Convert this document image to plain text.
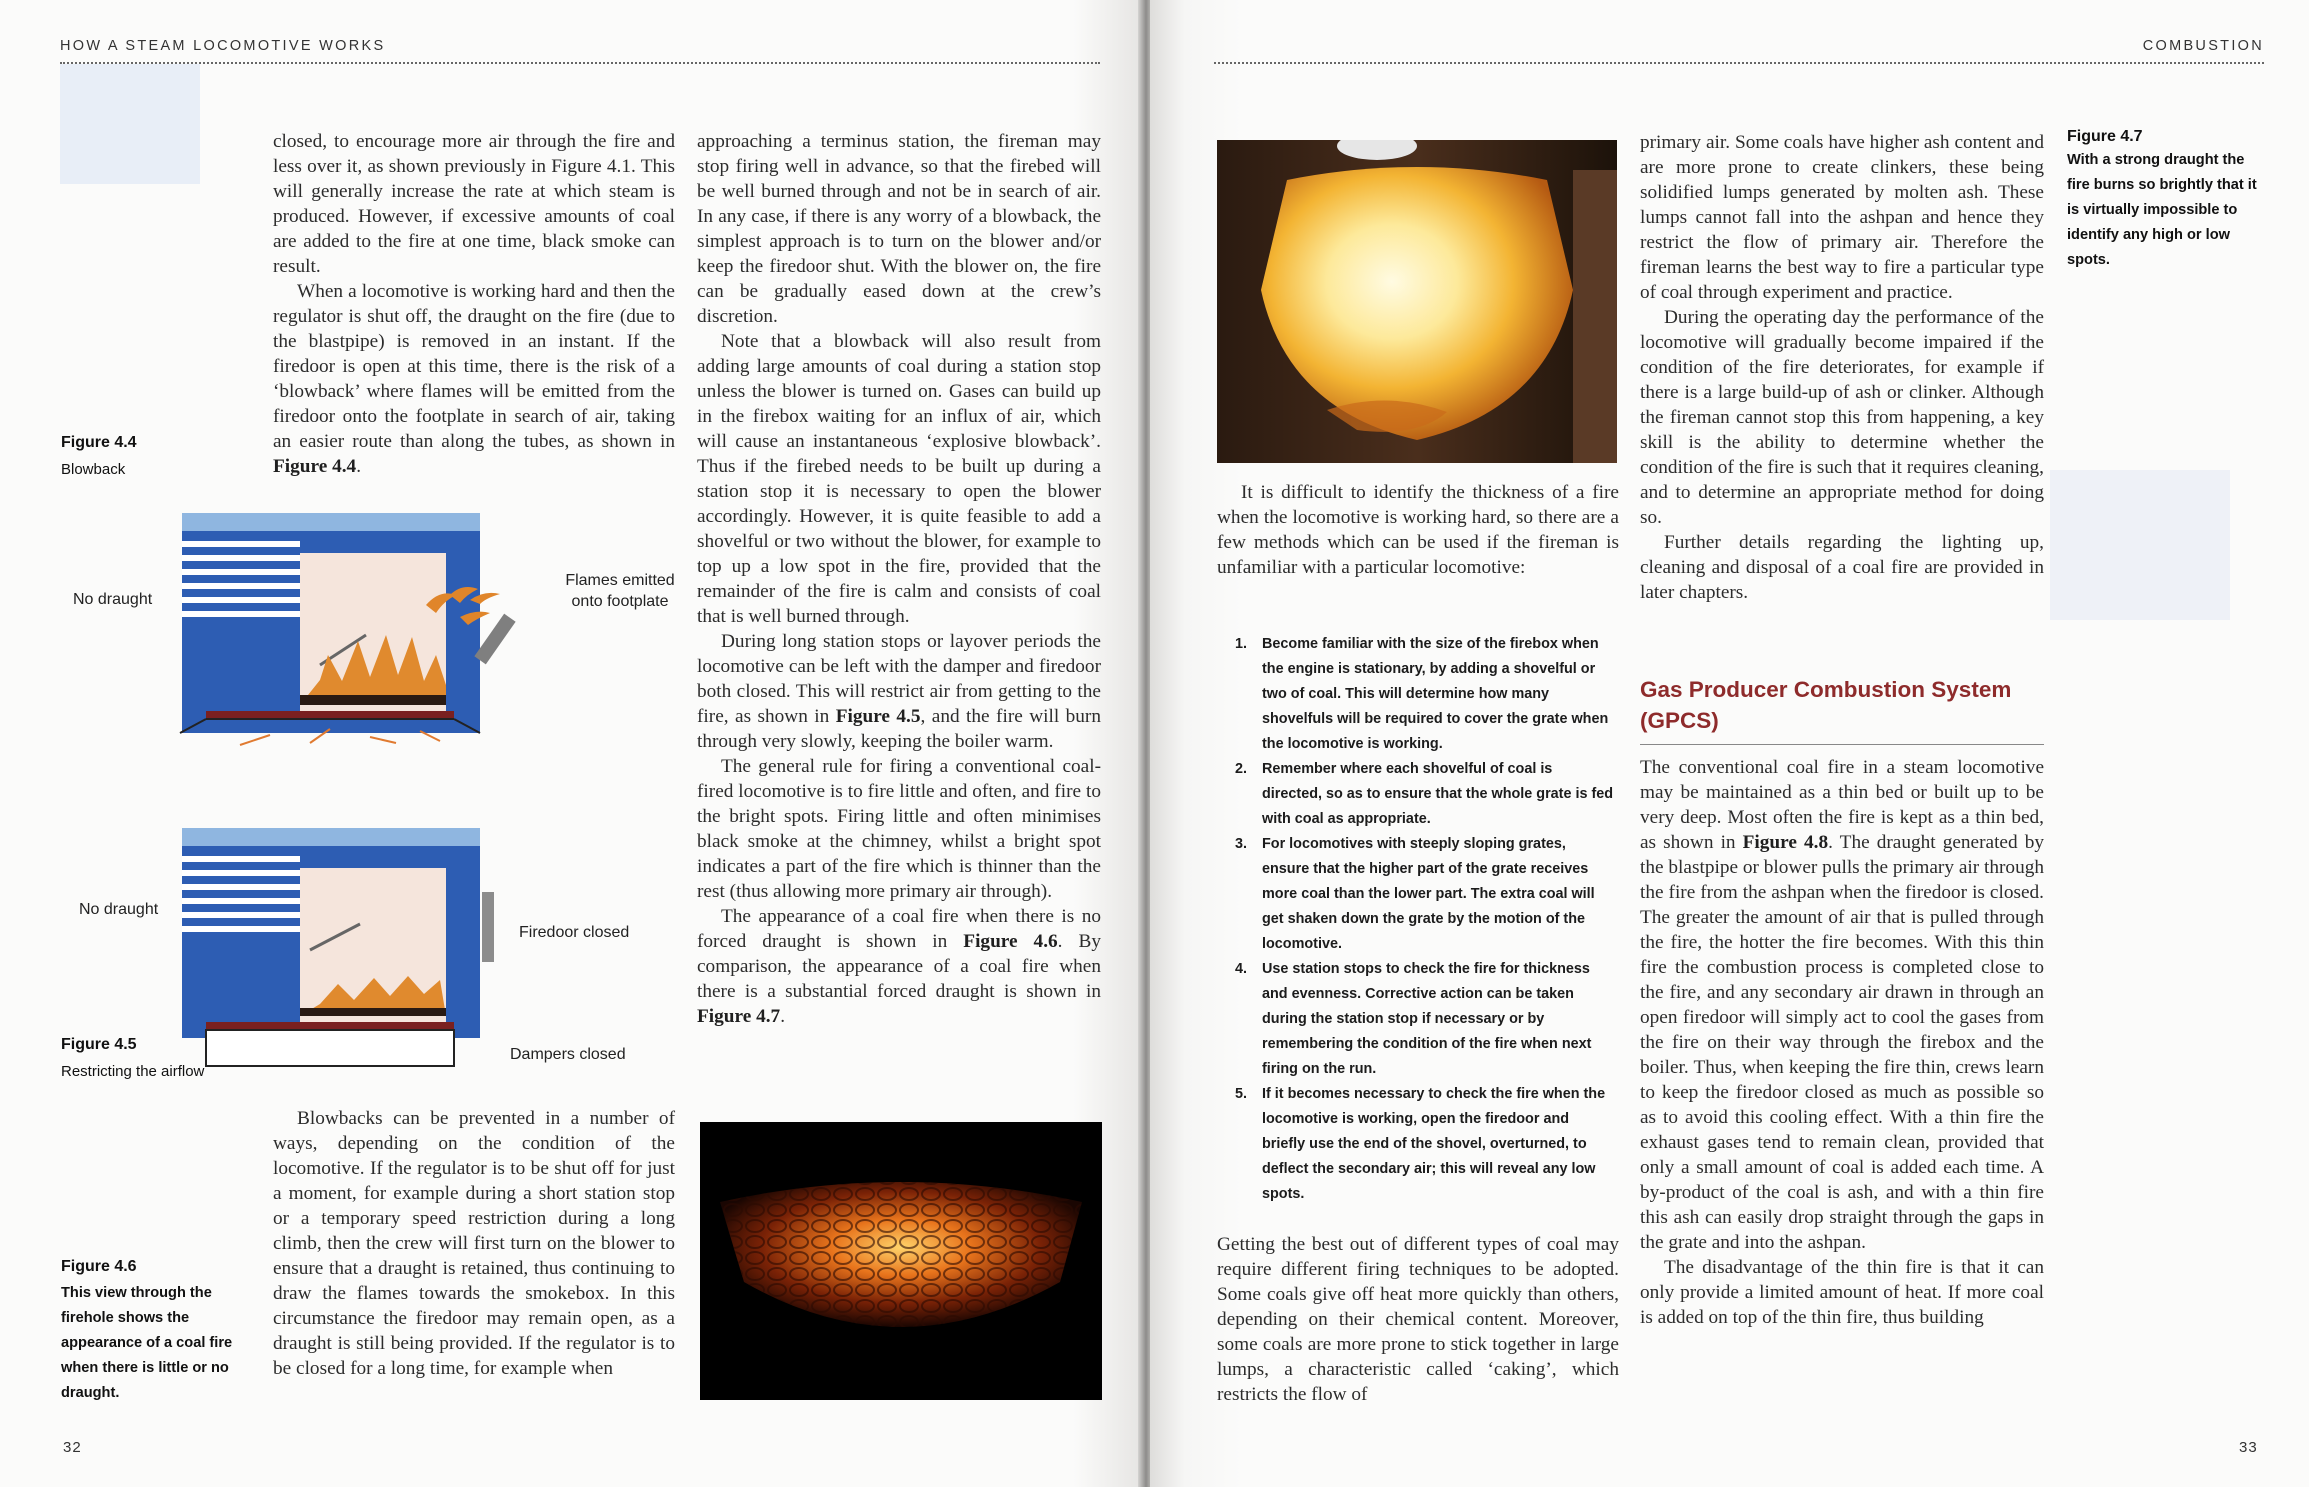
HOW A STEAM LOCOMOTIVE WORKS

closed, to encourage more air through the fire and less over it, as shown previously in Figure 4.1. This will generally increase the rate at which steam is produced. However, if excessive amounts of coal are added to the fire at one time, black smoke can result.

When a locomotive is working hard and then the regulator is shut off, the draught on the fire (due to the blastpipe) is removed in an instant. If the firedoor is open at this time, there is the risk of a ‘blowback’ where flames will be emitted from the firedoor onto the footplate in search of air, taking an easier route than along the tubes, as shown in Figure 4.4.

Figure 4.4
Blowback
No draught
Flames emitted onto footplate
No draught
Firedoor closed
Dampers closed
Figure 4.5
Restricting the airflow

Blowbacks can be prevented in a number of ways, depending on the condition of the locomotive. If the regulator is to be shut off for just a moment, for example during a short station stop or a temporary speed restriction during a long climb, then the crew will first turn on the blower to ensure that a draught is retained, thus continuing to draw the flames towards the smokebox. In this circumstance the firedoor may remain open, as a draught is still being provided. If the regulator is to be closed for a long time, for example when

Figure 4.6
This view through the firehole shows the appearance of a coal fire when there is little or no draught.

approaching a terminus station, the fireman may stop firing well in advance, so that the firebed will be well burned through and not be in search of air. In any case, if there is any worry of a blowback, the simplest approach is to turn on the blower and/or keep the firedoor shut. With the blower on, the fire can be gradually eased down at the crew’s discretion.

Note that a blowback will also result from adding large amounts of coal during a station stop unless the blower is turned on. Gases can build up in the firebox waiting for an influx of air, which will cause an instantaneous ‘explosive blowback’. Thus if the firebed needs to be built up during a station stop it is necessary to open the blower accordingly. However, it is quite feasible to add a shovelful or two without the blower, for example to top up a low spot in the fire, provided that the remainder of the fire is calm and consists of coal that is well burned through.

During long station stops or layover periods the locomotive can be left with the damper and firedoor both closed. This will restrict air from getting to the fire, as shown in Figure 4.5, and the fire will burn through very slowly, keeping the boiler warm.

The general rule for firing a conventional coal-fired locomotive is to fire little and often, and fire to the bright spots. Firing little and often minimises black smoke at the chimney, whilst a bright spot indicates a part of the fire which is thinner than the rest (thus allowing more primary air through).

The appearance of a coal fire when there is no forced draught is shown in Figure 4.6. By comparison, the appearance of a coal fire when there is a substantial forced draught is shown in Figure 4.7.

32
COMBUSTION
Figure 4.7
With a strong draught the fire burns so brightly that it is virtually impossible to identify any high or low spots.

It is difficult to identify the thickness of a fire when the locomotive is working hard, so there are a few methods which can be used if the fireman is unfamiliar with a particular locomotive:

1. Become familiar with the size of the firebox when the engine is stationary, by adding a shovelful or two of coal. This will determine how many shovelfuls will be required to cover the grate when the locomotive is working.
2. Remember where each shovelful of coal is directed, so as to ensure that the whole grate is fed with coal as appropriate.
3. For locomotives with steeply sloping grates, ensure that the higher part of the grate receives more coal than the lower part. The extra coal will get shaken down the grate by the motion of the locomotive.
4. Use station stops to check the fire for thickness and evenness. Corrective action can be taken during the station stop if necessary or by remembering the condition of the fire when next firing on the run.
5. If it becomes necessary to check the fire when the locomotive is working, open the firedoor and briefly use the end of the shovel, overturned, to deflect the secondary air; this will reveal any low spots.

Getting the best out of different types of coal may require different firing techniques to be adopted. Some coals give off heat more quickly than others, depending on their chemical content. Moreover, some coals are more prone to stick together in large lumps, a characteristic called ‘caking’, which restricts the flow of

primary air. Some coals have higher ash content and are more prone to create clinkers, these being solidified lumps generated by molten ash. These lumps cannot fall into the ashpan and hence they restrict the flow of primary air. Therefore the fireman learns the best way to fire a particular type of coal through experiment and practice.

During the operating day the performance of the locomotive will gradually become impaired if the condition of the fire deteriorates, for example if there is a large build-up of ash or clinker. Although the fireman cannot stop this from happening, a key skill is the ability to determine whether the condition of the fire is such that it requires cleaning, and to determine an appropriate method for doing so.

Further details regarding the lighting up, cleaning and disposal of a coal fire are provided in later chapters.

Gas Producer Combustion System (GPCS)

The conventional coal fire in a steam locomotive may be maintained as a thin bed or built up to be very deep. Most often the fire is kept as a thin bed, as shown in Figure 4.8. The draught generated by the blastpipe or blower pulls the primary air through the fire from the ashpan when the firedoor is closed. The greater the amount of air that is pulled through the fire, the hotter the fire becomes. With this thin fire the combustion process is completed close to the fire, and any secondary air drawn in through an open firedoor will simply act to cool the gases from the fire on their way through the firebox and the boiler. Thus, when keeping the fire thin, crews learn to keep the firedoor closed as much as possible so as to avoid this cooling effect. With a thin fire the exhaust gases tend to remain clean, provided that only a small amount of coal is added each time. A by-product of the coal is ash, and with a thin fire this ash can easily drop straight through the gaps in the grate and into the ashpan.

The disadvantage of the thin fire is that it can only provide a limited amount of heat. If more coal is added on top of the thin fire, thus building

33
